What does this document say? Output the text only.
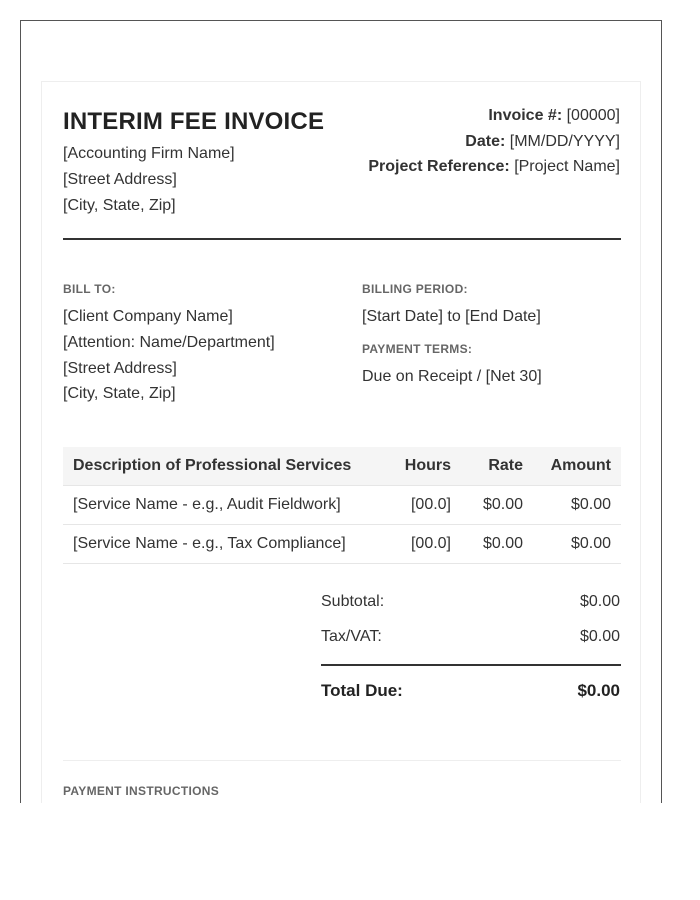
INTERIM FEE INVOICE
[Accounting Firm Name]
[Street Address]
[City, State, Zip]
Invoice #: [00000]
Date: [MM/DD/YYYY]
Project Reference: [Project Name]
BILL TO:
[Client Company Name]
[Attention: Name/Department]
[Street Address]
[City, State, Zip]
BILLING PERIOD:
[Start Date] to [End Date]
PAYMENT TERMS:
Due on Receipt / [Net 30]
Description of Professional Services	Hours	Rate	Amount
[Service Name - e.g., Audit Fieldwork]	[00.0]	$0.00	$0.00
[Service Name - e.g., Tax Compliance]	[00.0]	$0.00	$0.00
Subtotal:	$0.00
Tax/VAT:	$0.00
Total Due:	$0.00
PAYMENT INSTRUCTIONS
